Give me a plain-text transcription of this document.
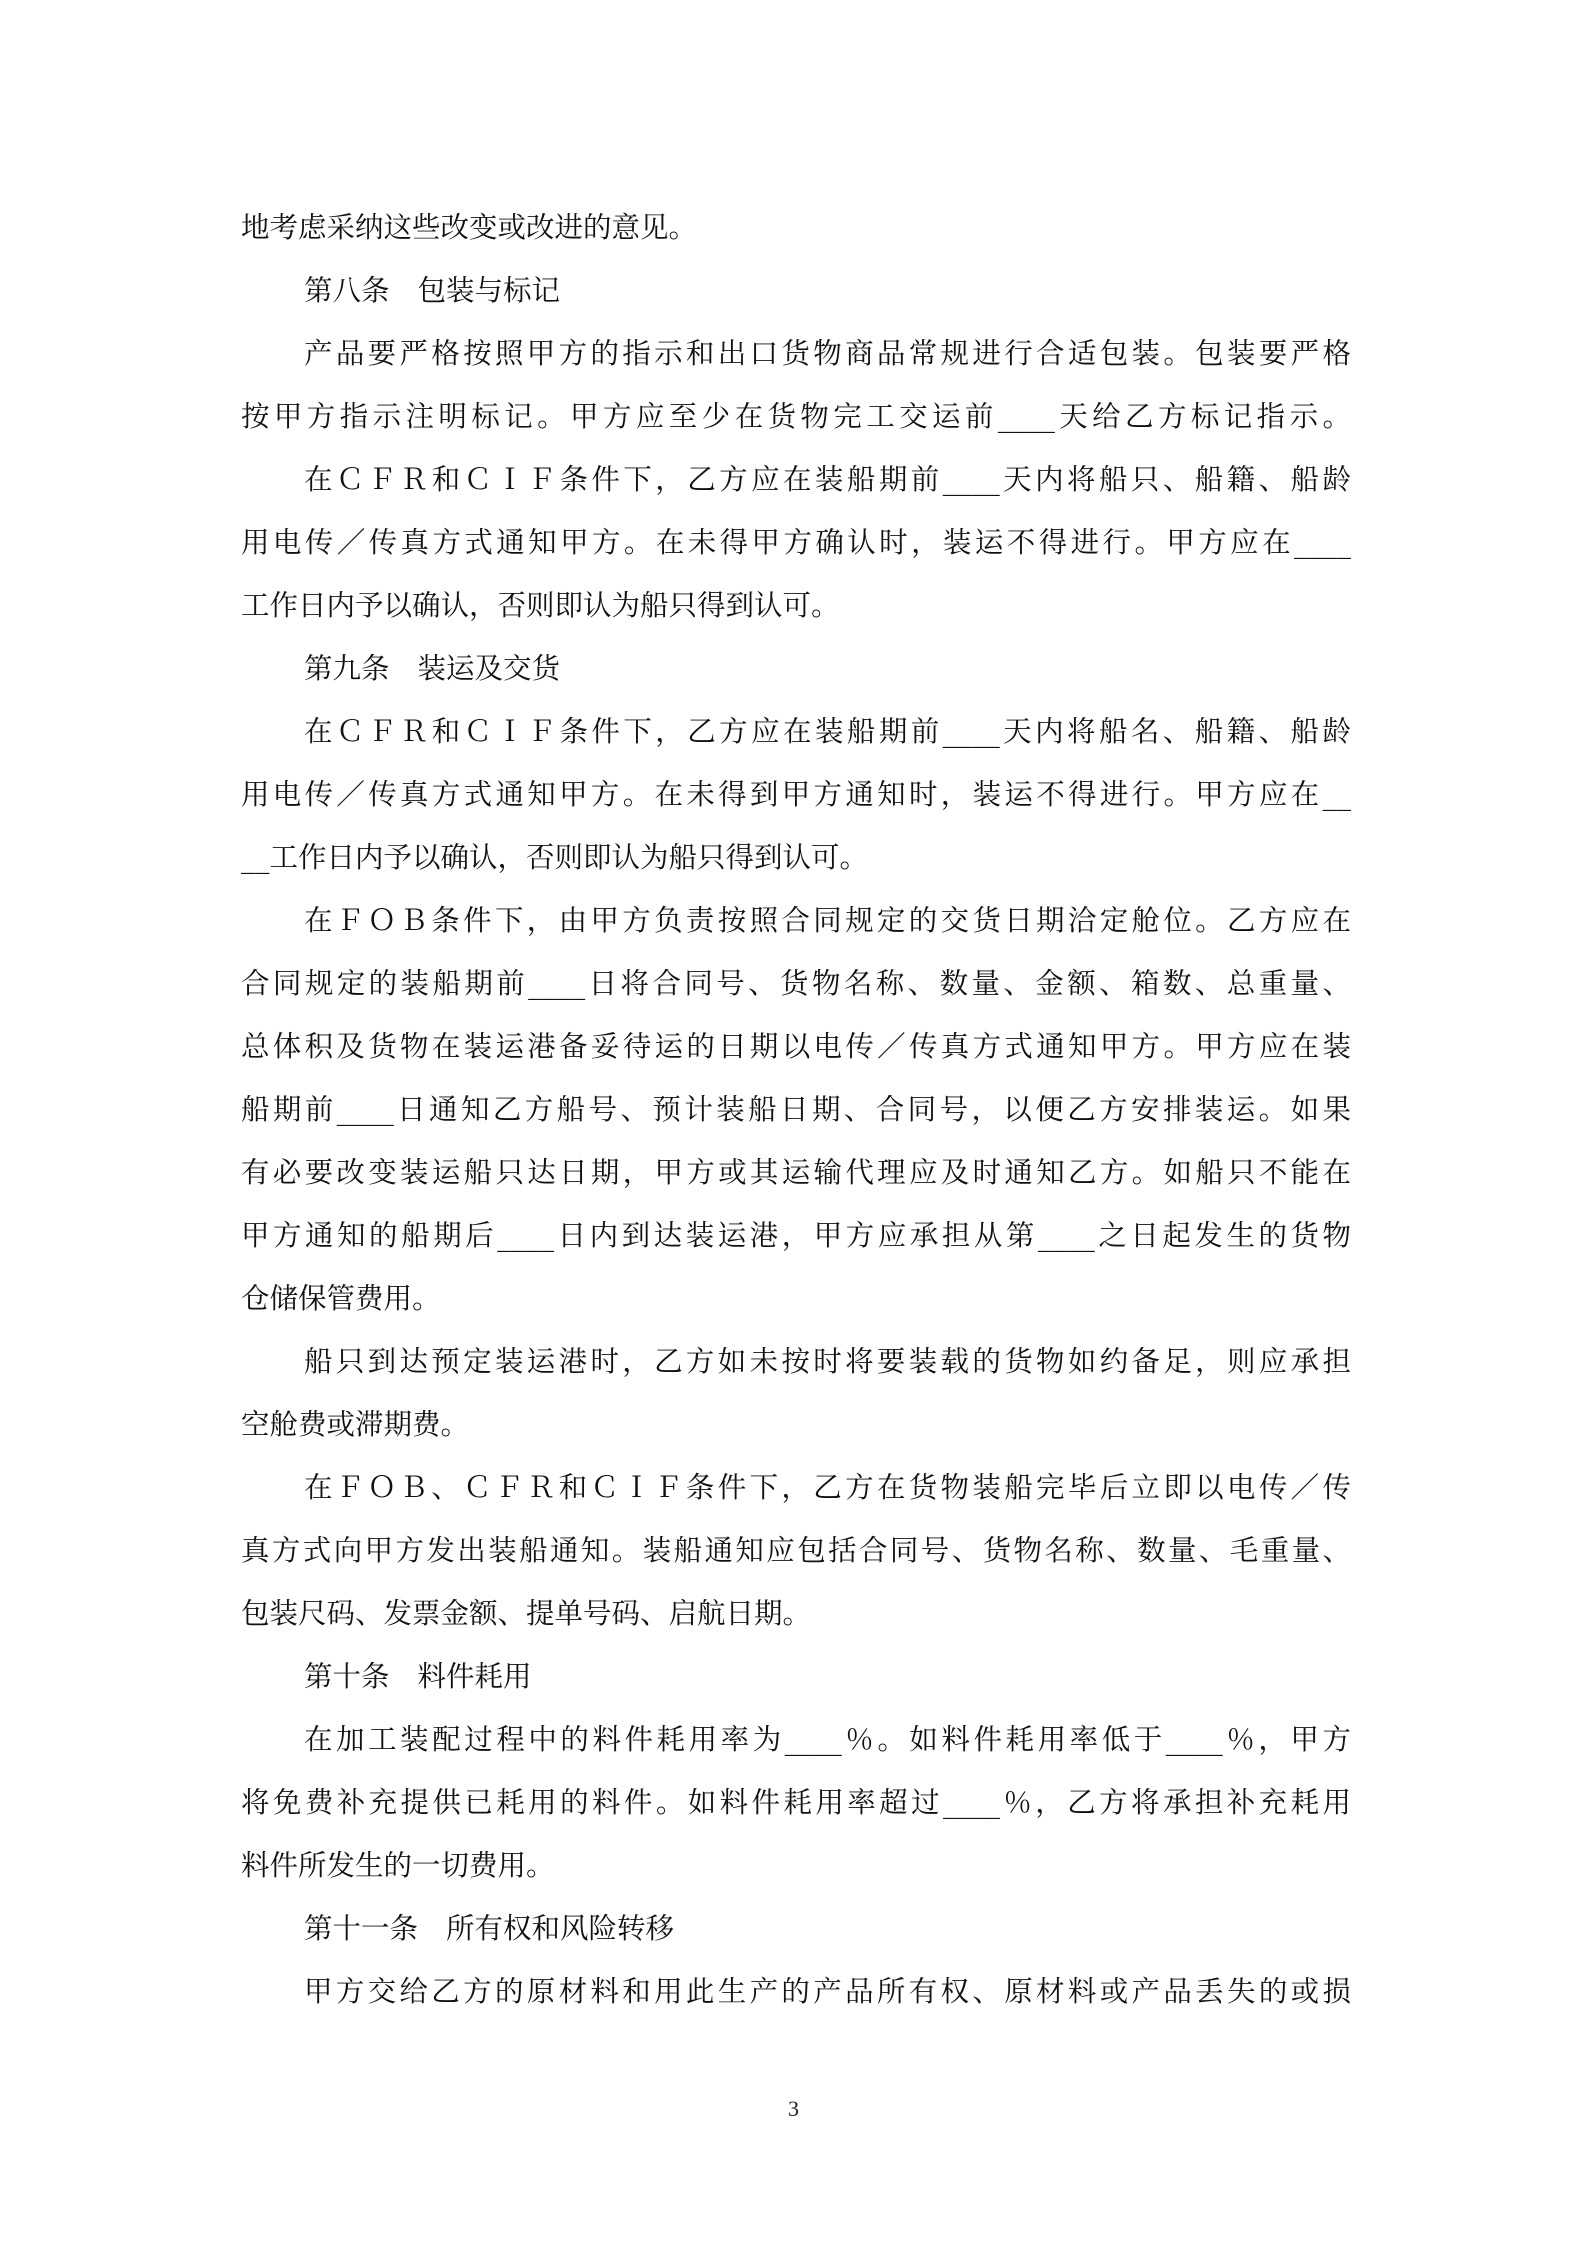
地考虑采纳这些改变或改进的意见。
第八条 包装与标记
产品要严格按照甲方的指示和出口货物商品常规进行合适包装。包装要严格
按甲方指示注明标记。甲方应至少在货物完工交运前____天给乙方标记指示。
在ＣＦＲ和ＣＩＦ条件下，乙方应在装船期前____天内将船只、船籍、船龄
用电传／传真方式通知甲方。在未得甲方确认时，装运不得进行。甲方应在____
工作日内予以确认，否则即认为船只得到认可。
第九条 装运及交货
在ＣＦＲ和ＣＩＦ条件下，乙方应在装船期前____天内将船名、船籍、船龄
用电传／传真方式通知甲方。在未得到甲方通知时，装运不得进行。甲方应在__
__工作日内予以确认，否则即认为船只得到认可。
在ＦＯＢ条件下，由甲方负责按照合同规定的交货日期洽定舱位。乙方应在
合同规定的装船期前____日将合同号、货物名称、数量、金额、箱数、总重量、
总体积及货物在装运港备妥待运的日期以电传／传真方式通知甲方。甲方应在装
船期前____日通知乙方船号、预计装船日期、合同号，以便乙方安排装运。如果
有必要改变装运船只达日期，甲方或其运输代理应及时通知乙方。如船只不能在
甲方通知的船期后____日内到达装运港，甲方应承担从第____之日起发生的货物
仓储保管费用。
船只到达预定装运港时，乙方如未按时将要装载的货物如约备足，则应承担
空舱费或滞期费。
在ＦＯＢ、ＣＦＲ和ＣＩＦ条件下，乙方在货物装船完毕后立即以电传／传
真方式向甲方发出装船通知。装船通知应包括合同号、货物名称、数量、毛重量、
包装尺码、发票金额、提单号码、启航日期。
第十条 料件耗用
在加工装配过程中的料件耗用率为____％。如料件耗用率低于____％，甲方
将免费补充提供已耗用的料件。如料件耗用率超过____％，乙方将承担补充耗用
料件所发生的一切费用。
第十一条 所有权和风险转移
甲方交给乙方的原材料和用此生产的产品所有权、原材料或产品丢失的或损
3
